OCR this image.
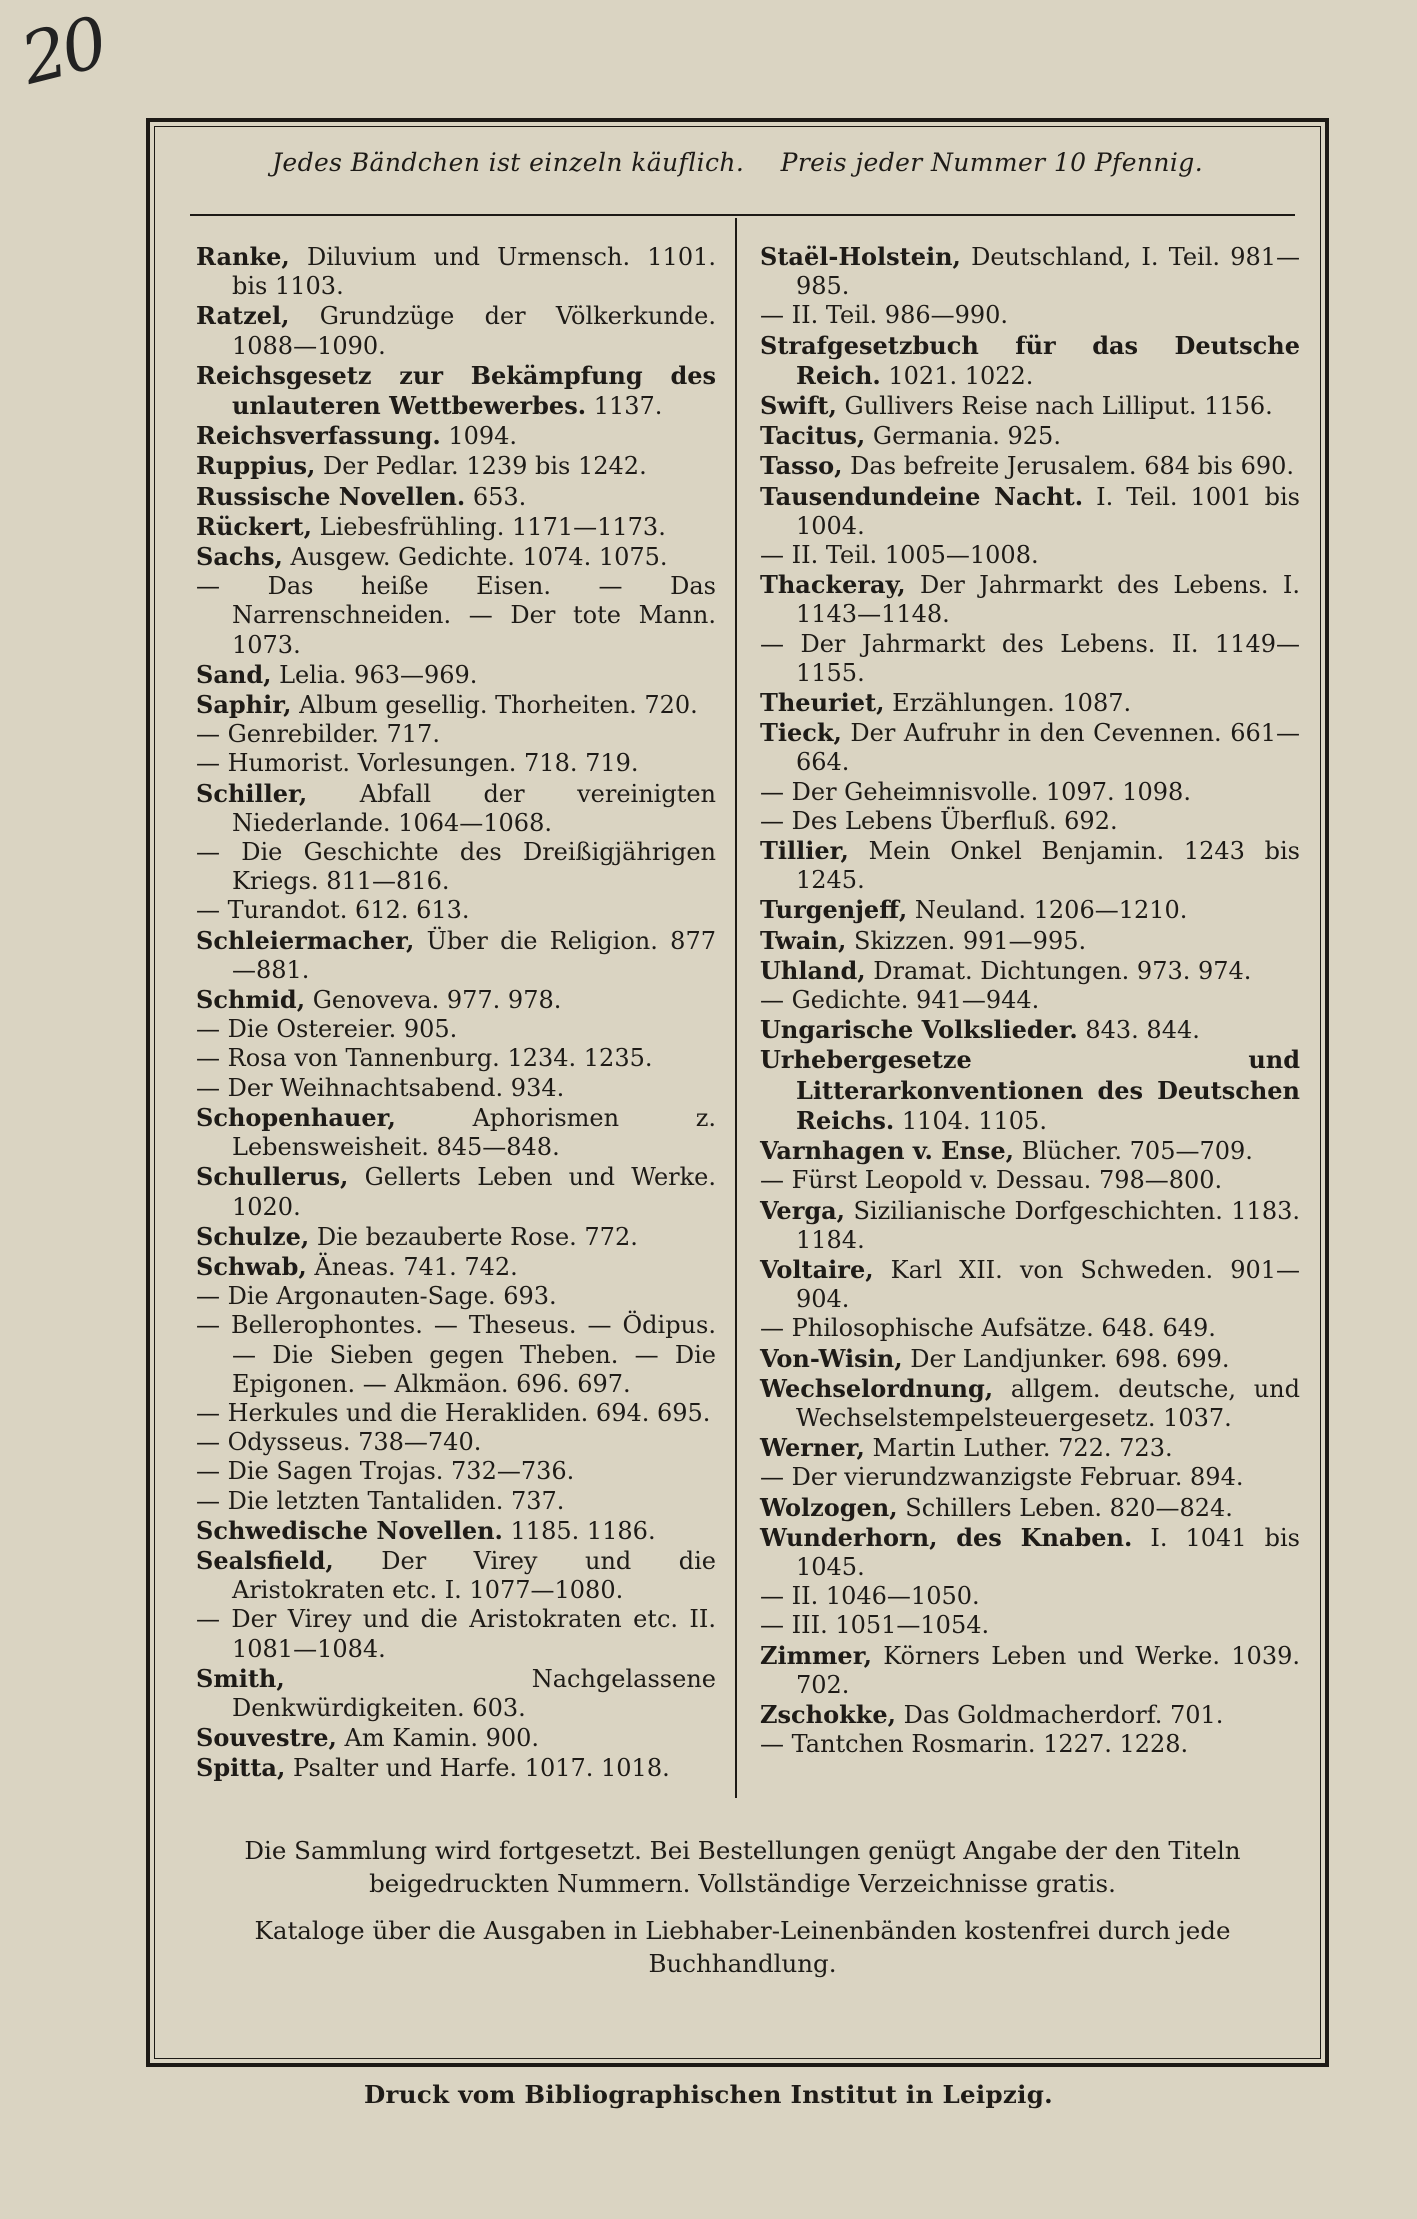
20
Jedes Bändchen ist einzeln käuflich. Preis jeder Nummer 10 Pfennig.
Ranke, Diluvium und Urmensch. 1101. bis 1103.
Ratzel, Grundzüge der Völkerkunde. 1088—1090.
Reichsgesetz zur Bekämpfung des unlauteren Wettbewerbes. 1137.
Reichsverfassung. 1094.
Ruppius, Der Pedlar. 1239 bis 1242.
Russische Novellen. 653.
Rückert, Liebesfrühling. 1171—1173.
Sachs, Ausgew. Gedichte. 1074. 1075.
— Das heiße Eisen. — Das Narrenschneiden. — Der tote Mann. 1073.
Sand, Lelia. 963—969.
Saphir, Album gesellig. Thorheiten. 720.
— Genrebilder. 717.
— Humorist. Vorlesungen. 718. 719.
Schiller, Abfall der vereinigten Niederlande. 1064—1068.
— Die Geschichte des Dreißigjährigen Kriegs. 811—816.
— Turandot. 612. 613.
Schleiermacher, Über die Religion. 877—881.
Schmid, Genoveva. 977. 978.
— Die Ostereier. 905.
— Rosa von Tannenburg. 1234. 1235.
— Der Weihnachtsabend. 934.
Schopenhauer,	Aphorismen z. Lebensweisheit. 845—848.
Schullerus, Gellerts Leben und Werke. 1020.
Schulze, Die bezauberte Rose. 772.
Schwab, Äneas. 741. 742.
— Die Argonauten-Sage. 693.
— Bellerophontes. — Theseus. — Ödipus. — Die Sieben gegen Theben. — Die Epigonen. — Alkmäon. 696. 697.
— Herkules und die Herakliden. 694. 695.
— Odysseus. 738—740.
— Die Sagen Trojas. 732—736.
— Die letzten Tantaliden. 737.
Schwedische Novellen. 1185. 1186.
Sealsfield, Der Virey und die Aristokraten etc. I. 1077—1080.
— Der Virey und die Aristokraten etc. II. 1081—1084.
Smith,	Nachgelassene Denkwürdigkeiten. 603.
Souvestre, Am Kamin. 900.
Spitta, Psalter und Harfe. 1017. 1018.
Staël-Holstein, Deutschland, I. Teil. 981—985.
— II. Teil. 986—990.
Strafgesetzbuch für das Deutsche Reich. 1021. 1022.
Swift, Gullivers Reise nach Lilliput. 1156.
Tacitus, Germania. 925.
Tasso, Das befreite Jerusalem. 684 bis 690.
Tausendundeine Nacht. I. Teil. 1001 bis 1004.
— II. Teil. 1005—1008.
Thackeray, Der Jahrmarkt des Lebens. I. 1143—1148.
— Der Jahrmarkt des Lebens. II. 1149—1155.
Theuriet, Erzählungen. 1087.
Tieck, Der Aufruhr in den Cevennen. 661—664.
— Der Geheimnisvolle. 1097. 1098.
— Des Lebens Überfluß. 692.
Tillier, Mein Onkel Benjamin. 1243 bis 1245.
Turgenjeff, Neuland. 1206—1210.
Twain, Skizzen. 991—995.
Uhland, Dramat. Dichtungen. 973. 974.
— Gedichte. 941—944.
Ungarische Volkslieder. 843. 844.
Urhebergesetze und Litterarkonventionen des Deutschen Reichs. 1104. 1105.
Varnhagen v. Ense, Blücher. 705—709.
— Fürst Leopold v. Dessau. 798—800.
Verga, Sizilianische Dorfgeschichten. 1183. 1184.
Voltaire, Karl XII. von Schweden. 901—904.
— Philosophische Aufsätze. 648. 649.
Von-Wisin, Der Landjunker. 698. 699.
Wechselordnung, allgem. deutsche, und Wechselstempelsteuergesetz. 1037.
Werner, Martin Luther. 722. 723.
— Der vierundzwanzigste Februar. 894.
Wolzogen, Schillers Leben. 820—824.
Wunderhorn, des Knaben. I. 1041 bis 1045.
— II. 1046—1050.
— III. 1051—1054.
Zimmer, Körners Leben und Werke. 1039. 702.
Zschokke, Das Goldmacherdorf. 701.
— Tantchen Rosmarin. 1227. 1228.

Die Sammlung wird fortgesetzt. Bei Bestellungen genügt Angabe der den Titeln beigedruckten Nummern. Vollständige Verzeichnisse gratis.

Kataloge über die Ausgaben in Liebhaber-Leinenbänden kostenfrei durch jede Buchhandlung.

Druck vom Bibliographischen Institut in Leipzig.
